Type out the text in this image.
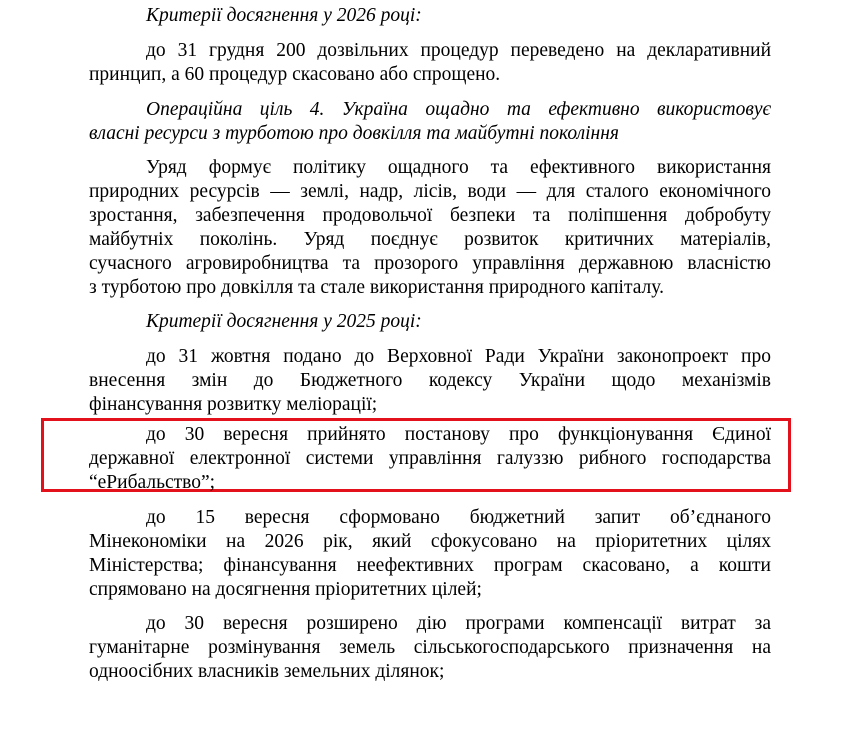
Критерії досягнення у 2026 році:
до 31 грудня 200 дозвільних процедур переведено на декларативний
принцип, а 60 процедур скасовано або спрощено.
Операційна ціль 4. Україна ощадно та ефективно використовує
власні ресурси з турботою про довкілля та майбутні покоління
Уряд формує політику ощадного та ефективного використання
природних ресурсів — землі, надр, лісів, води — для сталого економічного
зростання, забезпечення продовольчої безпеки та поліпшення добробуту
майбутніх поколінь. Уряд поєднує розвиток критичних матеріалів,
сучасного агровиробництва та прозорого управління державною власністю
з турботою про довкілля та стале використання природного капіталу.
Критерії досягнення у 2025 році:
до 31 жовтня подано до Верховної Ради України законопроект про
внесення змін до Бюджетного кодексу України щодо механізмів
фінансування розвитку меліорації;
до 30 вересня прийнято постанову про функціонування Єдиної
державної електронної системи управління галуззю рибного господарства
“еРибальство”;
до 15 вересня сформовано бюджетний запит об’єднаного
Мінекономіки на 2026 рік, який сфокусовано на пріоритетних цілях
Міністерства; фінансування неефективних програм скасовано, а кошти
спрямовано на досягнення пріоритетних цілей;
до 30 вересня розширено дію програми компенсації витрат за
гуманітарне розмінування земель сільськогосподарського призначення на
одноосібних власників земельних ділянок;
